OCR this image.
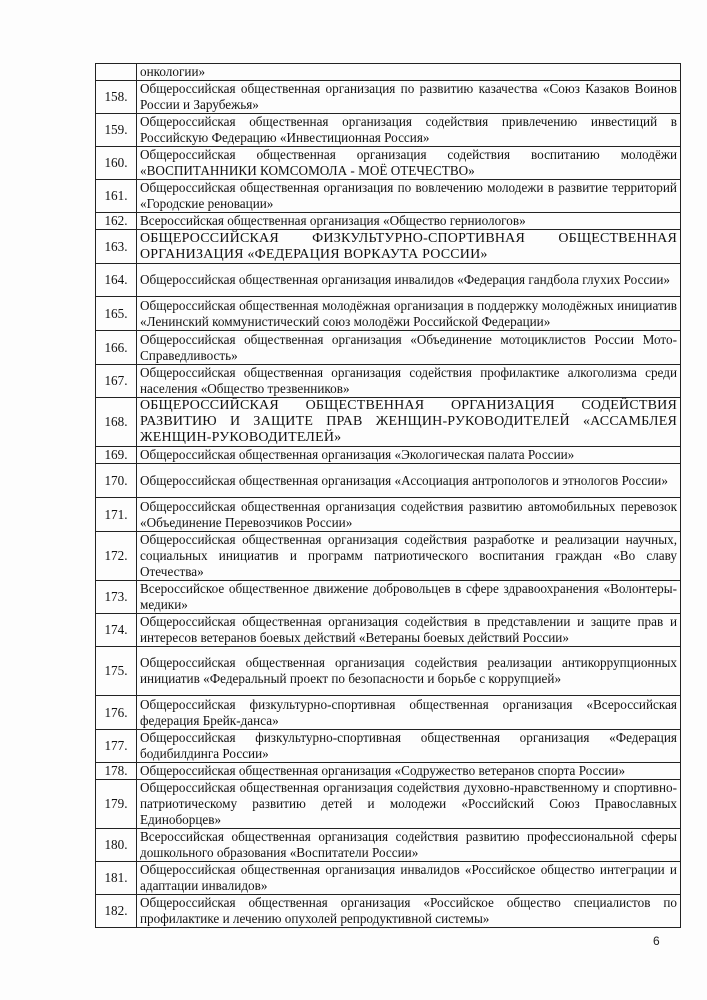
	онкологии»
158.	Общероссийская общественная организация по развитию казачества «Союз Казаков Воинов России и Зарубежья»
159.	Общероссийская общественная организация содействия привлечению инвестиций в Российскую Федерацию «Инвестиционная Россия»
160.	Общероссийская общественная организация содействия воспитанию молодёжи «ВОСПИТАННИКИ КОМСОМОЛА - МОЁ ОТЕЧЕСТВО»
161.	Общероссийская общественная организация по вовлечению молодежи в развитие территорий «Городские реновации»
162.	Всероссийская общественная организация «Общество герниологов»
163.	ОБЩЕРОССИЙСКАЯ ФИЗКУЛЬТУРНО-СПОРТИВНАЯ ОБЩЕСТВЕННАЯ ОРГАНИЗАЦИЯ «ФЕДЕРАЦИЯ ВОРКАУТА РОССИИ»
164.	Общероссийская общественная организация инвалидов «Федерация гандбола глухих России»
165.	Общероссийская общественная молодёжная организация в поддержку молодёжных инициатив «Ленинский коммунистический союз молодёжи Российской Федерации»
166.	Общероссийская общественная организация «Объединение мотоциклистов России Мото-Справедливость»
167.	Общероссийская общественная организация содействия профилактике алкоголизма среди населения «Общество трезвенников»
168.	ОБЩЕРОССИЙСКАЯ ОБЩЕСТВЕННАЯ ОРГАНИЗАЦИЯ СОДЕЙСТВИЯ РАЗВИТИЮ И ЗАЩИТЕ ПРАВ ЖЕНЩИН-РУКОВОДИТЕЛЕЙ «АССАМБЛЕЯ ЖЕНЩИН-РУКОВОДИТЕЛЕЙ»
169.	Общероссийская общественная организация «Экологическая палата России»
170.	Общероссийская общественная организация «Ассоциация антропологов и этнологов России»
171.	Общероссийская общественная организация содействия развитию автомобильных перевозок «Объединение Перевозчиков России»
172.	Общероссийская общественная организация содействия разработке и реализации научных, социальных инициатив и программ патриотического воспитания граждан «Во славу Отечества»
173.	Всероссийское общественное движение добровольцев в сфере здравоохранения «Волонтеры-медики»
174.	Общероссийская общественная организация содействия в представлении и защите прав и интересов ветеранов боевых действий «Ветераны боевых действий России»
175.	Общероссийская общественная организация содействия реализации антикоррупционных инициатив «Федеральный проект по безопасности и борьбе с коррупцией»
176.	Общероссийская физкультурно-спортивная общественная организация «Всероссийская федерация Брейк-данса»
177.	Общероссийская физкультурно-спортивная общественная организация «Федерация бодибилдинга России»
178.	Общероссийская общественная организация «Содружество ветеранов спорта России»
179.	Общероссийская общественная организация содействия духовно-нравственному и спортивно-патриотическому развитию детей и молодежи «Российский Союз Православных Единоборцев»
180.	Всероссийская общественная организация содействия развитию профессиональной сферы дошкольного образования «Воспитатели России»
181.	Общероссийская общественная организация инвалидов «Российское общество интеграции и адаптации инвалидов»
182.	Общероссийская общественная организация «Российское общество специалистов по профилактике и лечению опухолей репродуктивной системы»
6
